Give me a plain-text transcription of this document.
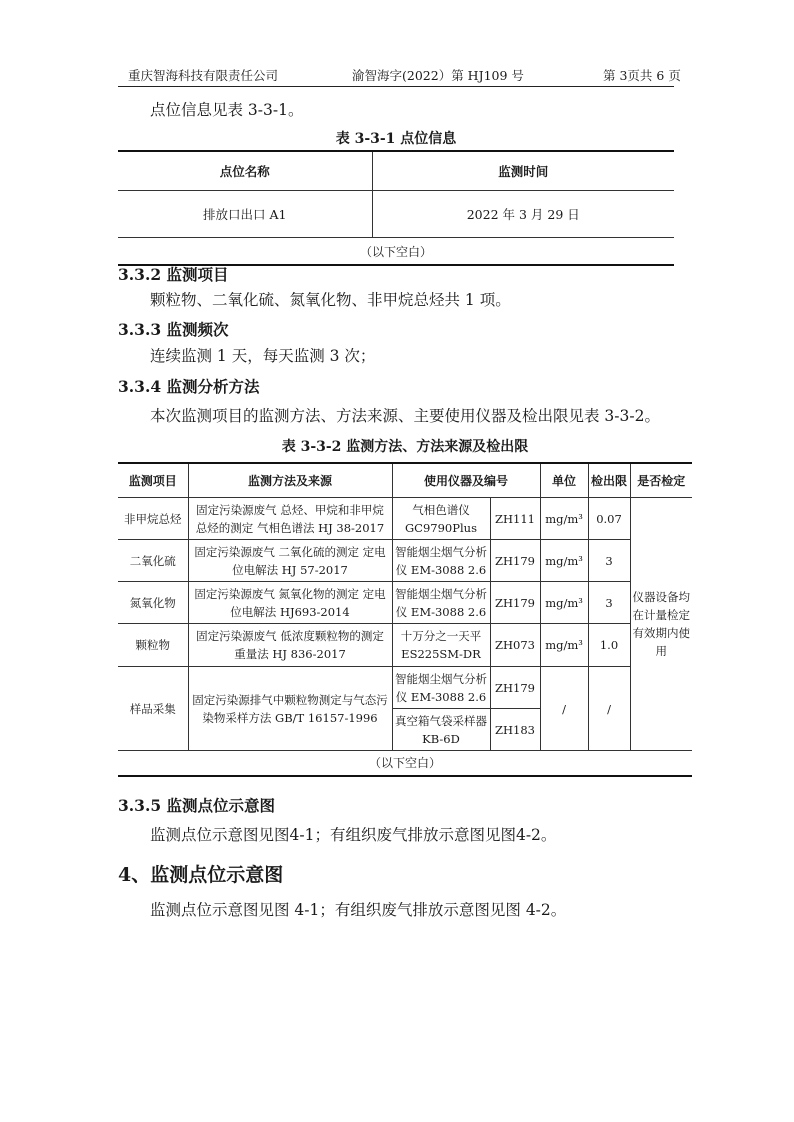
重庆智海科技有限责任公司	渝智海字(2022）第 HJ109 号	第 3页共 6 页
点位信息见表 3-3-1。
表 3-3-1 点位信息
点位名称	监测时间
排放口出口 A1	2022 年 3 月 29 日
（以下空白）	
3.3.2 监测项目
颗粒物、二氧化硫、氮氧化物、非甲烷总烃共 1 项。
3.3.3 监测频次
连续监测 1 天，每天监测 3 次；
3.3.4 监测分析方法
本次监测项目的监测方法、方法来源、主要使用仪器及检出限见表 3-3-2。
表 3-3-2 监测方法、方法来源及检出限
监测项目	监测方法及来源	使用仪器及编号		单位	检出限	是否检定
非甲烷总烃	固定污染源废气 总烃、甲烷和非甲烷总烃的测定 气相色谱法 HJ 38-2017	气相色谱仪 GC9790Plus	ZH111	mg/m³	0.07	仪器设备均在计量检定有效期内使用
二氧化硫	固定污染源废气 二氧化硫的测定 定电位电解法 HJ 57-2017	智能烟尘烟气分析仪 EM-3088 2.6	ZH179	mg/m³	3	
氮氧化物	固定污染源废气 氮氧化物的测定 定电位电解法 HJ693-2014	智能烟尘烟气分析仪 EM-3088 2.6	ZH179	mg/m³	3	
颗粒物	固定污染源废气 低浓度颗粒物的测定重量法 HJ 836-2017	十万分之一天平 ES225SM-DR	ZH073	mg/m³	1.0	
样品采集	固定污染源排气中颗粒物测定与气态污染物采样方法 GB/T 16157-1996	智能烟尘烟气分析仪 EM-3088 2.6	ZH179	/	/	
		真空箱气袋采样器 KB-6D	ZH183			
（以下空白）						
3.3.5 监测点位示意图
监测点位示意图见图4-1；有组织废气排放示意图见图4-2。
4、监测点位示意图
监测点位示意图见图 4-1；有组织废气排放示意图见图 4-2。
